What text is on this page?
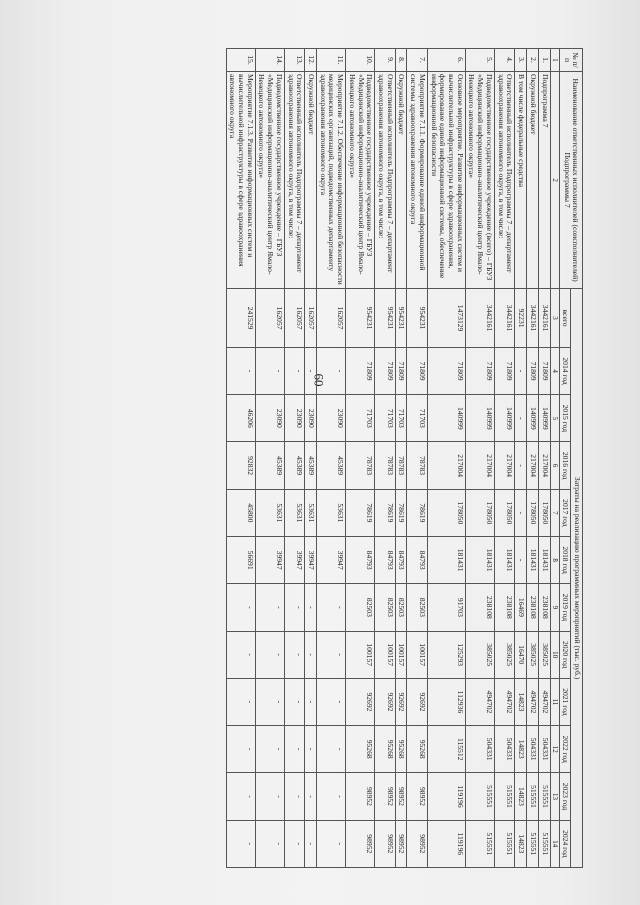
60
№ п/п	Наименование ответственных исполнителей (соисполнителей) Подпрограммы 7	Затраты на реализацию программных мероприятий (тыс. руб.)											
		всего	2014 год	2015 год	2016 год	2017 год	2018 год	2019 год	2020 год	2021 год	2022 год	2023 год	2024 год
1	2	3	4	5	6	7	8	9	10	11	12	13	14
1.	Подпрограмма 7	3442161	71809	140999	217004	178050	181431	238108	385025	494702	504331	515551	515551
2.	Окружной бюджет	3442161	71809	140999	217004	178050	181431	238108	385025	494702	504331	515551	515551
3.	В том числе федеральные средства	92231	-	-	-	-	-	16469	16470	14823	14823	14823	14823
4.	Ответственный исполнитель Подпрограммы 7 – департамент здравоохранения автономного округа, в том числе:	3442161	71809	140999	217004	178050	181431	238108	385025	494702	504331	515551	515551
5.	Подведомственное государственное учреждение (всего) – ГБУЗ «Медицинский информационно-аналитический центр Ямало-Ненецкого автономного округа»	3442161	71809	140999	217004	178050	181431	238108	385025	494702	504331	515551	515551
6.	Основное мероприятие. Развитие информационных систем и вычислительной инфраструктуры в сфере здравоохранения, формирование единой информационной системы, обеспечение информационной безопасности	1473129	71809	140999	217004	178050	181431	91703	125293	112936	115512	119196	119196
7.	Мероприятие 7.1.1. Формирование единой информационной системы здравоохранения автономного округа	954231	71809	71703	78783	78619	84793	82503	100157	92692	95268	98952	98952
8.	Окружной бюджет	954231	71809	71703	78783	78619	84793	82503	100157	92692	95268	98952	98952
9.	Ответственный исполнитель Подпрограммы 7 – департамент здравоохранения автономного округа, в том числе:	954231	71809	71703	78783	78619	84793	82503	100157	92692	95268	98952	98952
10.	Подведомственное государственное учреждение – ГБУЗ «Медицинский информационно-аналитический центр Ямало-Ненецкого автономного округа»	954231	71809	71703	78783	78619	84793	82503	100157	92692	95268	98952	98952
11.	Мероприятие 7.1.2. Обеспечение информационной безопасности медицинских организаций, подведомственных департаменту здравоохранения автономного округа	162057	-	23090	45389	53631	39947	-	-	-	-	-	-
12.	Окружной бюджет	162057	-	23090	45389	53631	39947	-	-	-	-	-	-
13.	Ответственный исполнитель Подпрограммы 7 – департамент здравоохранения автономного округа, в том числе:	162057	-	23090	45389	53631	39947	-	-	-	-	-	-
14.	Подведомственное государственное учреждение – ГБУЗ «Медицинский информационно-аналитический центр Ямало-Ненецкого автономного округа»	162057	-	23090	45389	53631	39947	-	-	-	-	-	-
15.	Мероприятие 7.1.3. Развитие информационных систем и вычислительной инфраструктуры в сфере здравоохранения автономного округа	241529	-	46206	92832	45800	56691	-	-	-	-	-	-
